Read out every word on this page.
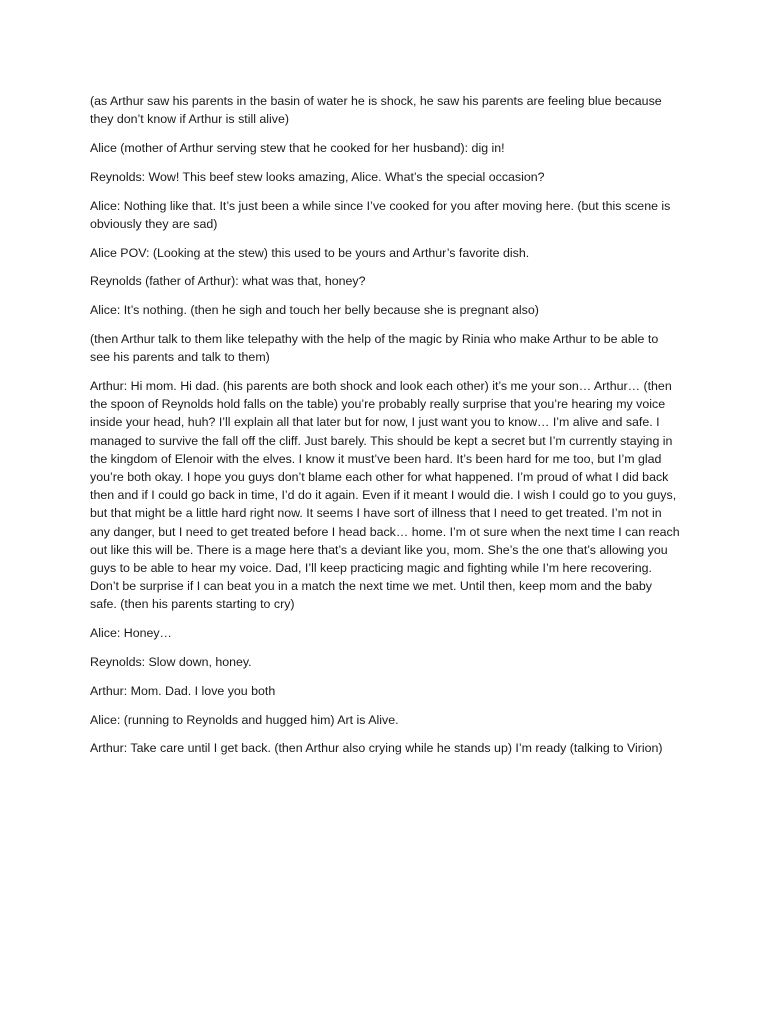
(as Arthur saw his parents in the basin of water he is shock, he saw his parents are feeling blue because they don’t know if Arthur is still alive)

Alice (mother of Arthur serving stew that he cooked for her husband): dig in!

Reynolds: Wow! This beef stew looks amazing, Alice. What’s the special occasion?

Alice: Nothing like that. It’s just been a while since I’ve cooked for you after moving here. (but this scene is obviously they are sad)

Alice POV: (Looking at the stew) this used to be yours and Arthur’s favorite dish.

Reynolds (father of Arthur): what was that, honey?

Alice: It’s nothing. (then he sigh and touch her belly because she is pregnant also)

(then Arthur talk to them like telepathy with the help of the magic by Rinia who make Arthur to be able to see his parents and talk to them)

Arthur: Hi mom. Hi dad. (his parents are both shock and look each other) it’s me your son… Arthur… (then the spoon of Reynolds hold falls on the table) you’re probably really surprise that you’re hearing my voice inside your head, huh? I’ll explain all that later but for now, I just want you to know… I’m alive and safe. I managed to survive the fall off the cliff. Just barely. This should be kept a secret but I’m currently staying in the kingdom of Elenoir with the elves. I know it must’ve been hard. It’s been hard for me too, but I’m glad you’re both okay. I hope you guys don’t blame each other for what happened. I’m proud of what I did back then and if I could go back in time, I’d do it again. Even if it meant I would die. I wish I could go to you guys, but that might be a little hard right now. It seems I have sort of illness that I need to get treated. I’m not in any danger, but I need to get treated before I head back… home. I’m ot sure when the next time I can reach out like this will be. There is a mage here that’s a deviant like you, mom. She’s the one that’s allowing you guys to be able to hear my voice. Dad, I’ll keep practicing magic and fighting while I’m here recovering. Don’t be surprise if I can beat you in a match the next time we met. Until then, keep mom and the baby safe. (then his parents starting to cry)

Alice: Honey…

Reynolds: Slow down, honey.

Arthur: Mom. Dad. I love you both

Alice: (running to Reynolds and hugged him) Art is Alive.

Arthur: Take care until I get back. (then Arthur also crying while he stands up) I’m ready (talking to Virion)
